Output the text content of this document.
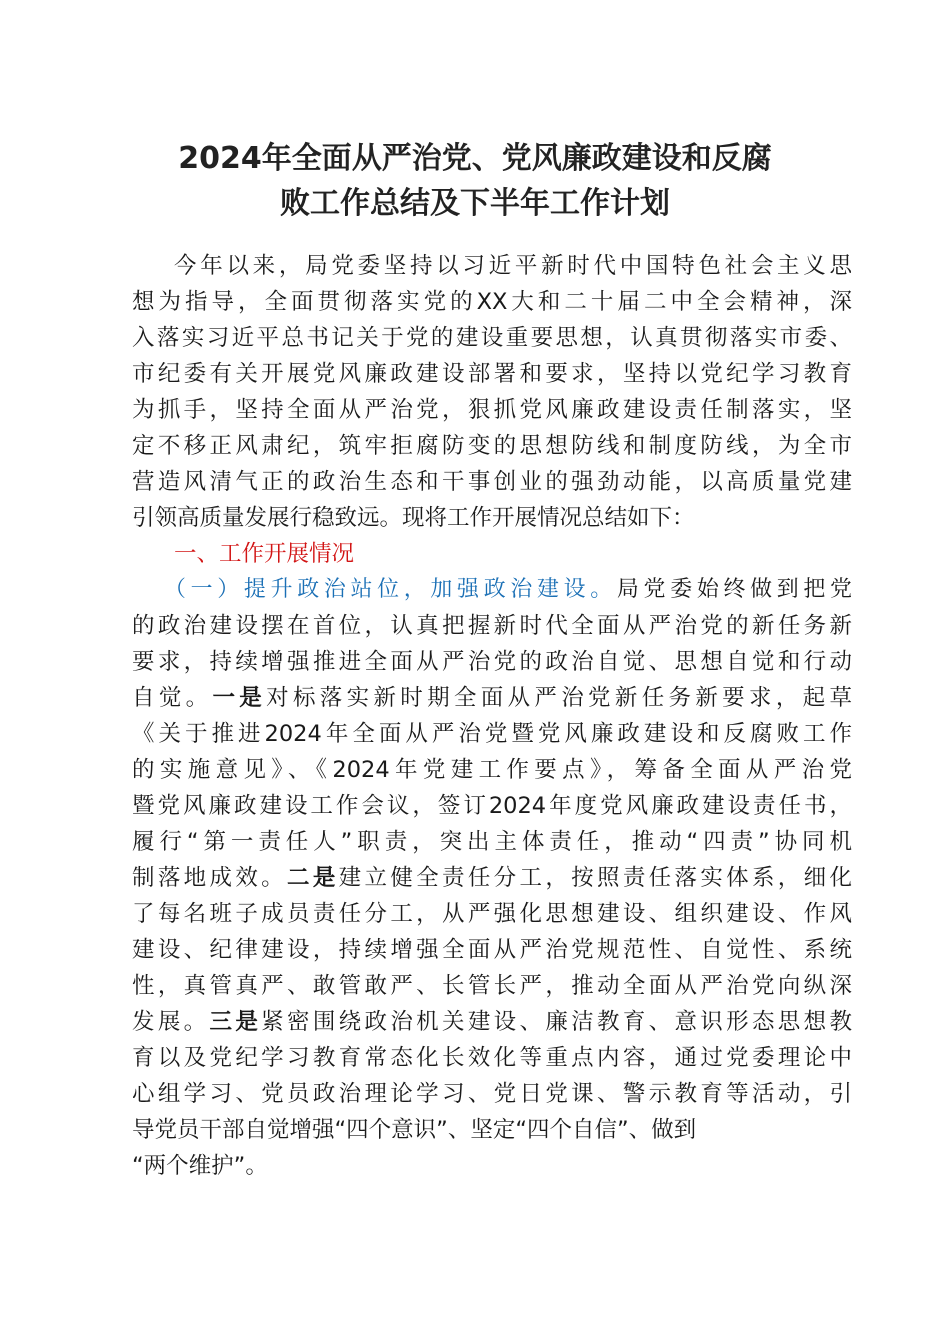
2024年全面从严治党、党风廉政建设和反腐
败工作总结及下半年工作计划
今年以来，局党委坚持以习近平新时代中国特色社会主义思
想为指导，全面贯彻落实党的XX大和二十届二中全会精神，深
入落实习近平总书记关于党的建设重要思想，认真贯彻落实市委、
市纪委有关开展党风廉政建设部署和要求，坚持以党纪学习教育
为抓手，坚持全面从严治党，狠抓党风廉政建设责任制落实，坚
定不移正风肃纪，筑牢拒腐防变的思想防线和制度防线，为全市
营造风清气正的政治生态和干事创业的强劲动能，以高质量党建
引领高质量发展行稳致远。现将工作开展情况总结如下：
一、工作开展情况
（一）提升政治站位，加强政治建设。局党委始终做到把党
的政治建设摆在首位，认真把握新时代全面从严治党的新任务新
要求，持续增强推进全面从严治党的政治自觉、思想自觉和行动
自觉。一是对标落实新时期全面从严治党新任务新要求，起草
《关于推进2024年全面从严治党暨党风廉政建设和反腐败工作
的实施意见》、《2024年党建工作要点》，筹备全面从严治党
暨党风廉政建设工作会议，签订2024年度党风廉政建设责任书，
履行“第一责任人”职责，突出主体责任，推动“四责”协同机
制落地成效。二是建立健全责任分工，按照责任落实体系，细化
了每名班子成员责任分工，从严强化思想建设、组织建设、作风
建设、纪律建设，持续增强全面从严治党规范性、自觉性、系统
性，真管真严、敢管敢严、长管长严，推动全面从严治党向纵深
发展。三是紧密围绕政治机关建设、廉洁教育、意识形态思想教
育以及党纪学习教育常态化长效化等重点内容，通过党委理论中
心组学习、党员政治理论学习、党日党课、警示教育等活动，引
导党员干部自觉增强“四个意识”、坚定“四个自信”、做到
“两个维护”。
